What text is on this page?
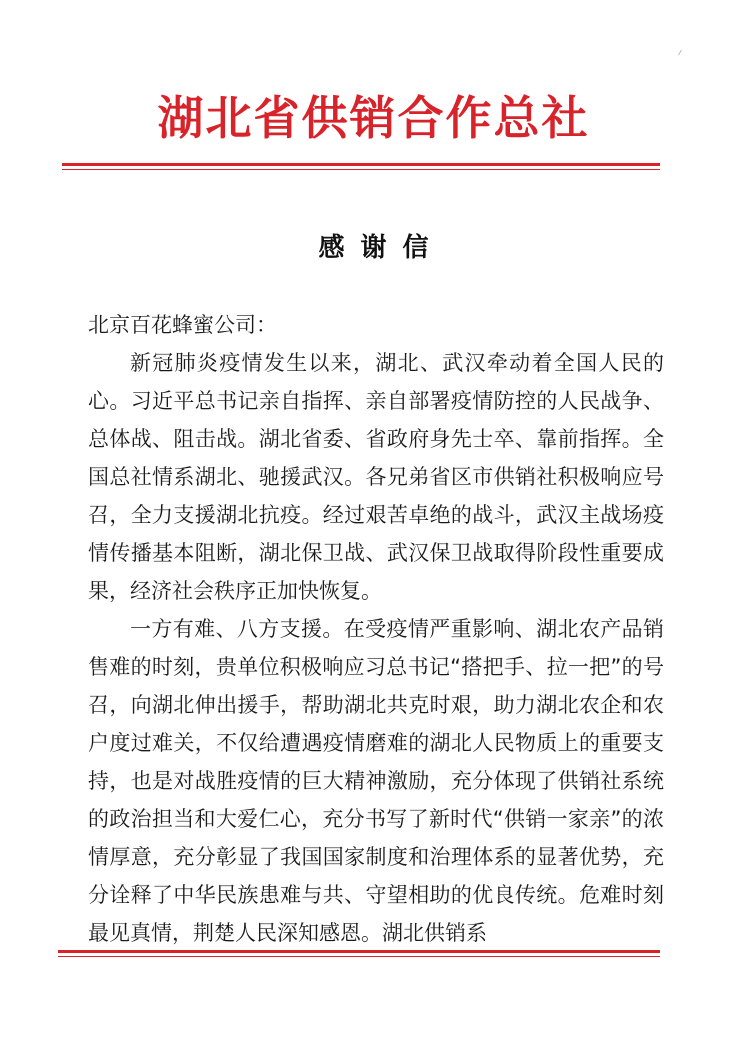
湖北省供销合作总社
感谢信

北京百花蜂蜜公司：

新冠肺炎疫情发生以来，湖北、武汉牵动着全国人民的心。习近平总书记亲自指挥、亲自部署疫情防控的人民战争、总体战、阻击战。湖北省委、省政府身先士卒、靠前指挥。全国总社情系湖北、驰援武汉。各兄弟省区市供销社积极响应号召，全力支援湖北抗疫。经过艰苦卓绝的战斗，武汉主战场疫情传播基本阻断，湖北保卫战、武汉保卫战取得阶段性重要成果，经济社会秩序正加快恢复。

一方有难、八方支援。在受疫情严重影响、湖北农产品销售难的时刻，贵单位积极响应习总书记“搭把手、拉一把”的号召，向湖北伸出援手，帮助湖北共克时艰，助力湖北农企和农户度过难关，不仅给遭遇疫情磨难的湖北人民物质上的重要支持，也是对战胜疫情的巨大精神激励，充分体现了供销社系统的政治担当和大爱仁心，充分书写了新时代“供销一家亲”的浓情厚意，充分彰显了我国国家制度和治理体系的显著优势，充分诠释了中华民族患难与共、守望相助的优良传统。危难时刻最见真情，荆楚人民深知感恩。湖北供销系
